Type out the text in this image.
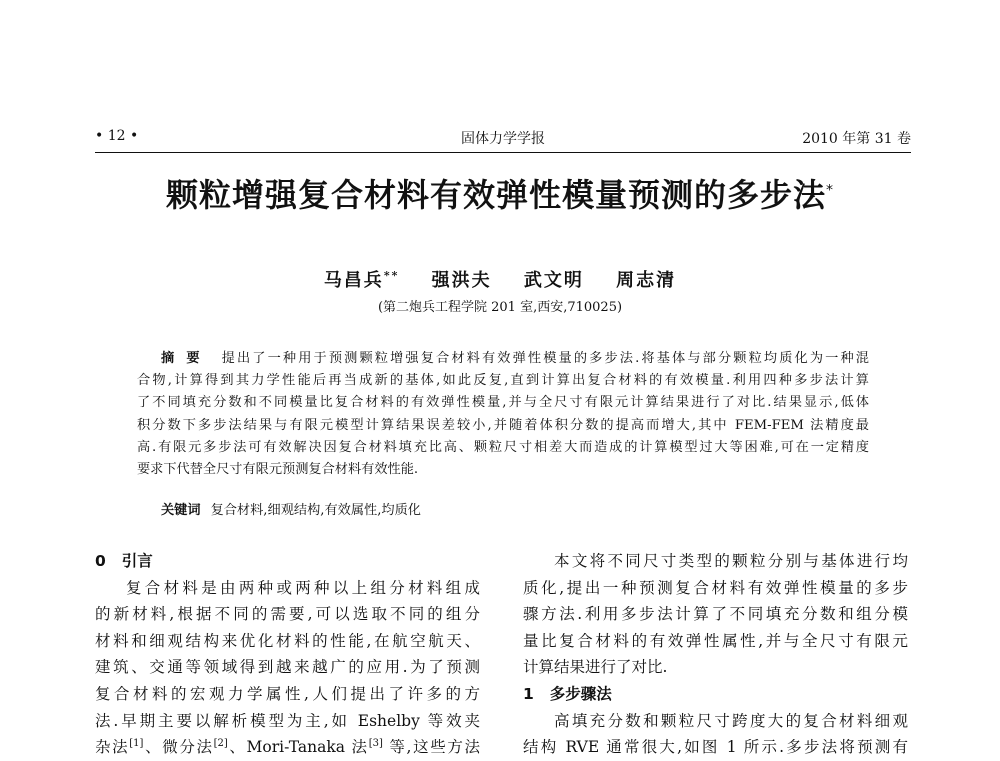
• 12 •	固体力学学报	2010 年第 31 卷
颗粒增强复合材料有效弹性模量预测的多步法*
马昌兵** 强洪夫 武文明 周志清
(第二炮兵工程学院 201 室,西安,710025)
摘要 提出了一种用于预测颗粒增强复合材料有效弹性模量的多步法.将基体与部分颗粒均质化为一种混
合物,计算得到其力学性能后再当成新的基体,如此反复,直到计算出复合材料的有效模量.利用四种多步法计算
了不同填充分数和不同模量比复合材料的有效弹性模量,并与全尺寸有限元计算结果进行了对比.结果显示,低体
积分数下多步法结果与有限元模型计算结果误差较小,并随着体积分数的提高而增大,其中 FEM-FEM 法精度最
高.有限元多步法可有效解决因复合材料填充比高、颗粒尺寸相差大而造成的计算模型过大等困难,可在一定精度
要求下代替全尺寸有限元预测复合材料有效性能.
关键词 复合材料,细观结构,有效属性,均质化
0 引言
复合材料是由两种或两种以上组分材料组成
的新材料,根据不同的需要,可以选取不同的组分
材料和细观结构来优化材料的性能,在航空航天、
建筑、交通等领域得到越来越广的应用.为了预测
复合材料的宏观力学属性,人们提出了许多的方
法.早期主要以解析模型为主,如 Eshelby 等效夹
杂法[1]、微分法[2]、Mori-Tanaka 法[3] 等,这些方法
本文将不同尺寸类型的颗粒分别与基体进行均
质化,提出一种预测复合材料有效弹性模量的多步
骤方法.利用多步法计算了不同填充分数和组分模
量比复合材料的有效弹性属性,并与全尺寸有限元
计算结果进行了对比.
1 多步骤法
高填充分数和颗粒尺寸跨度大的复合材料细观
结构 RVE 通常很大,如图 1 所示.多步法将预测有
